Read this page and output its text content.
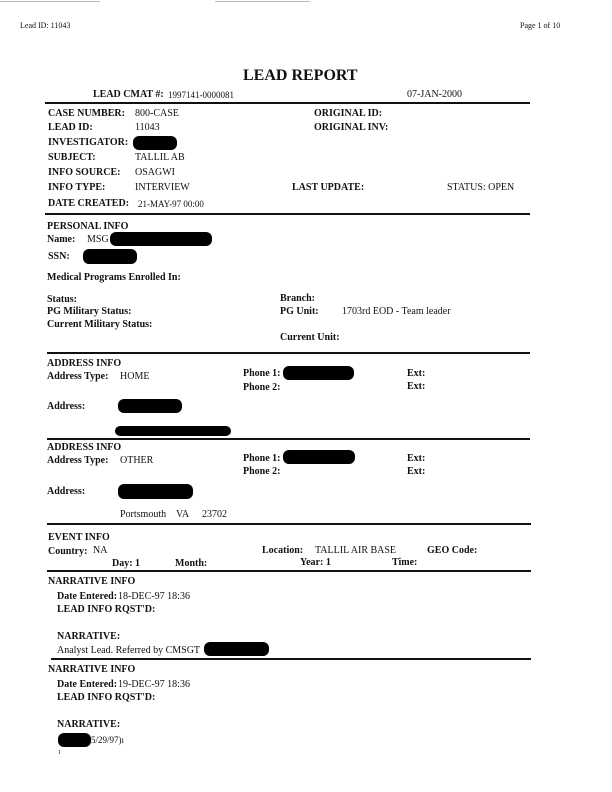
Lead ID: 11043	Page 1 of 10
LEAD REPORT
LEAD CMAT #: 1997141-0000081	07-JAN-2000
CASE NUMBER: 800-CASE	ORIGINAL ID:
LEAD ID:	11043	ORIGINAL INV:
INVESTIGATOR:
SUBJECT:	TALLIL AB
INFO SOURCE: OSAGWI
INFO TYPE:	INTERVIEW	LAST UPDATE:	STATUS: OPEN
DATE CREATED: 21-MAY-97 00:00
PERSONAL INFO
Name: MSG
SSN:
Medical Programs Enrolled In:
Status:	Branch:
PG Military Status:	PG Unit: 1703rd EOD - Team leader
Current Military Status:
Current Unit:
ADDRESS INFO
Address Type: HOME	Phone 1:	Ext:
Phone 2:	Ext:
Address:
ADDRESS INFO
Address Type: OTHER	Phone 1:	Ext:
Phone 2:	Ext:
Address:
Portsmouth VA 23702
EVENT INFO
Country: NA	Location: TALLIL AIR BASE	GEO Code:
Day: 1	Month:	Year: 1	Time:
NARRATIVE INFO
Date Entered: 18-DEC-97 18:36
LEAD INFO RQST'D:
NARRATIVE:
Analyst Lead. Referred by CMSGT
NARRATIVE INFO
Date Entered: 19-DEC-97 18:36
LEAD INFO RQST'D:
NARRATIVE:
5/29/97)ı
1
